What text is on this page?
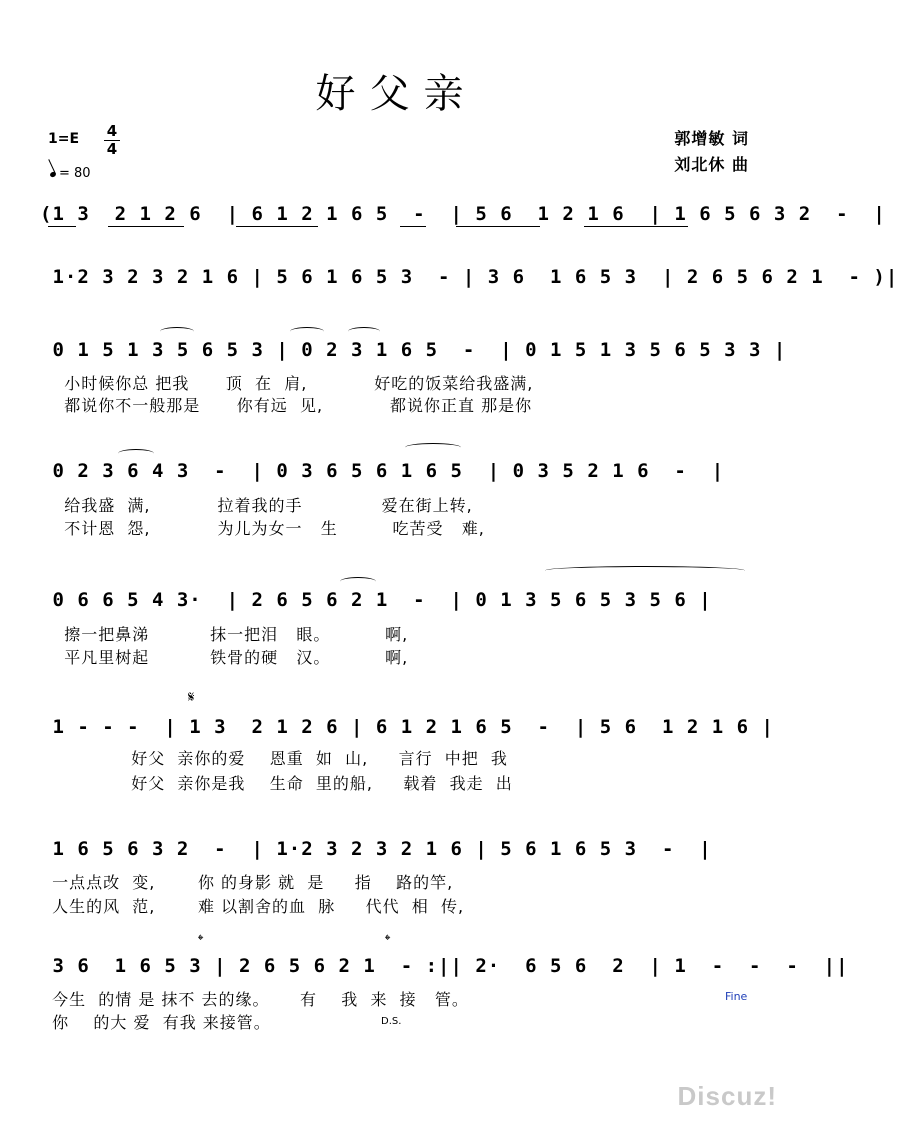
好父亲
1=E 4
4
= 80
郭增敏 词
刘北休 曲
(1 3  2 1 2 6  | 6 1 2 1 6 5  -  | 5 6  1 2 1 6  | 1 6 5 6 3 2  -  |
1·2 3 2 3 2 1 6 | 5 6 1 6 5 3  - | 3 6  1 6 5 3  | 2 6 5 6 2 1  - )|
0 1 5 1 3 5 6 5 3 | 0 2 3 1 6 5  -  | 0 1 5 1 3 5 6 5 3 3 |
小时候你总 把我      顶  在  肩,           好吃的饭菜给我盛满,
都说你不一般那是      你有远  见,           都说你正直 那是你
0 2 3 6 4 3  -  | 0 3 6 5 6 1 6 5  | 0 3 5 2 1 6  -  |
给我盛  满,           拉着我的手             爱在街上转,
不计恩  怨,           为儿为女一   生         吃苦受   难,
0 6 6 5 4 3·  | 2 6 5 6 2 1  -  | 0 1 3 5 6 5 3 5 6 |
擦一把鼻涕          抹一把泪   眼。         啊,
平凡里树起          铁骨的硬   汉。         啊,
𝄋
1 - - -  | 1 3  2 1 2 6 | 6 1 2 1 6 5  -  | 5 6  1 2 1 6 |
好父  亲你的爱    恩重  如  山,     言行  中把  我
好父  亲你是我    生命  里的船,     载着  我走  出
1 6 5 6 3 2  -  | 1·2 3 2 3 2 1 6 | 5 6 1 6 5 3  -  |
一点点改  变,       你 的身影 就  是     指    路的竿,
人生的风  范,       难 以割舍的血  脉     代代  相  传,
𝄌	𝄌
3 6  1 6 5 3 | 2 6 5 6 2 1  - :|| 2·  6 5 6  2  | 1  -  -  -  ||
今生  的情 是 抹不 去的缘。     有    我  来  接   管。
你    的大 爱  有我 来接管。
Fine
D.S.
Discuz!
